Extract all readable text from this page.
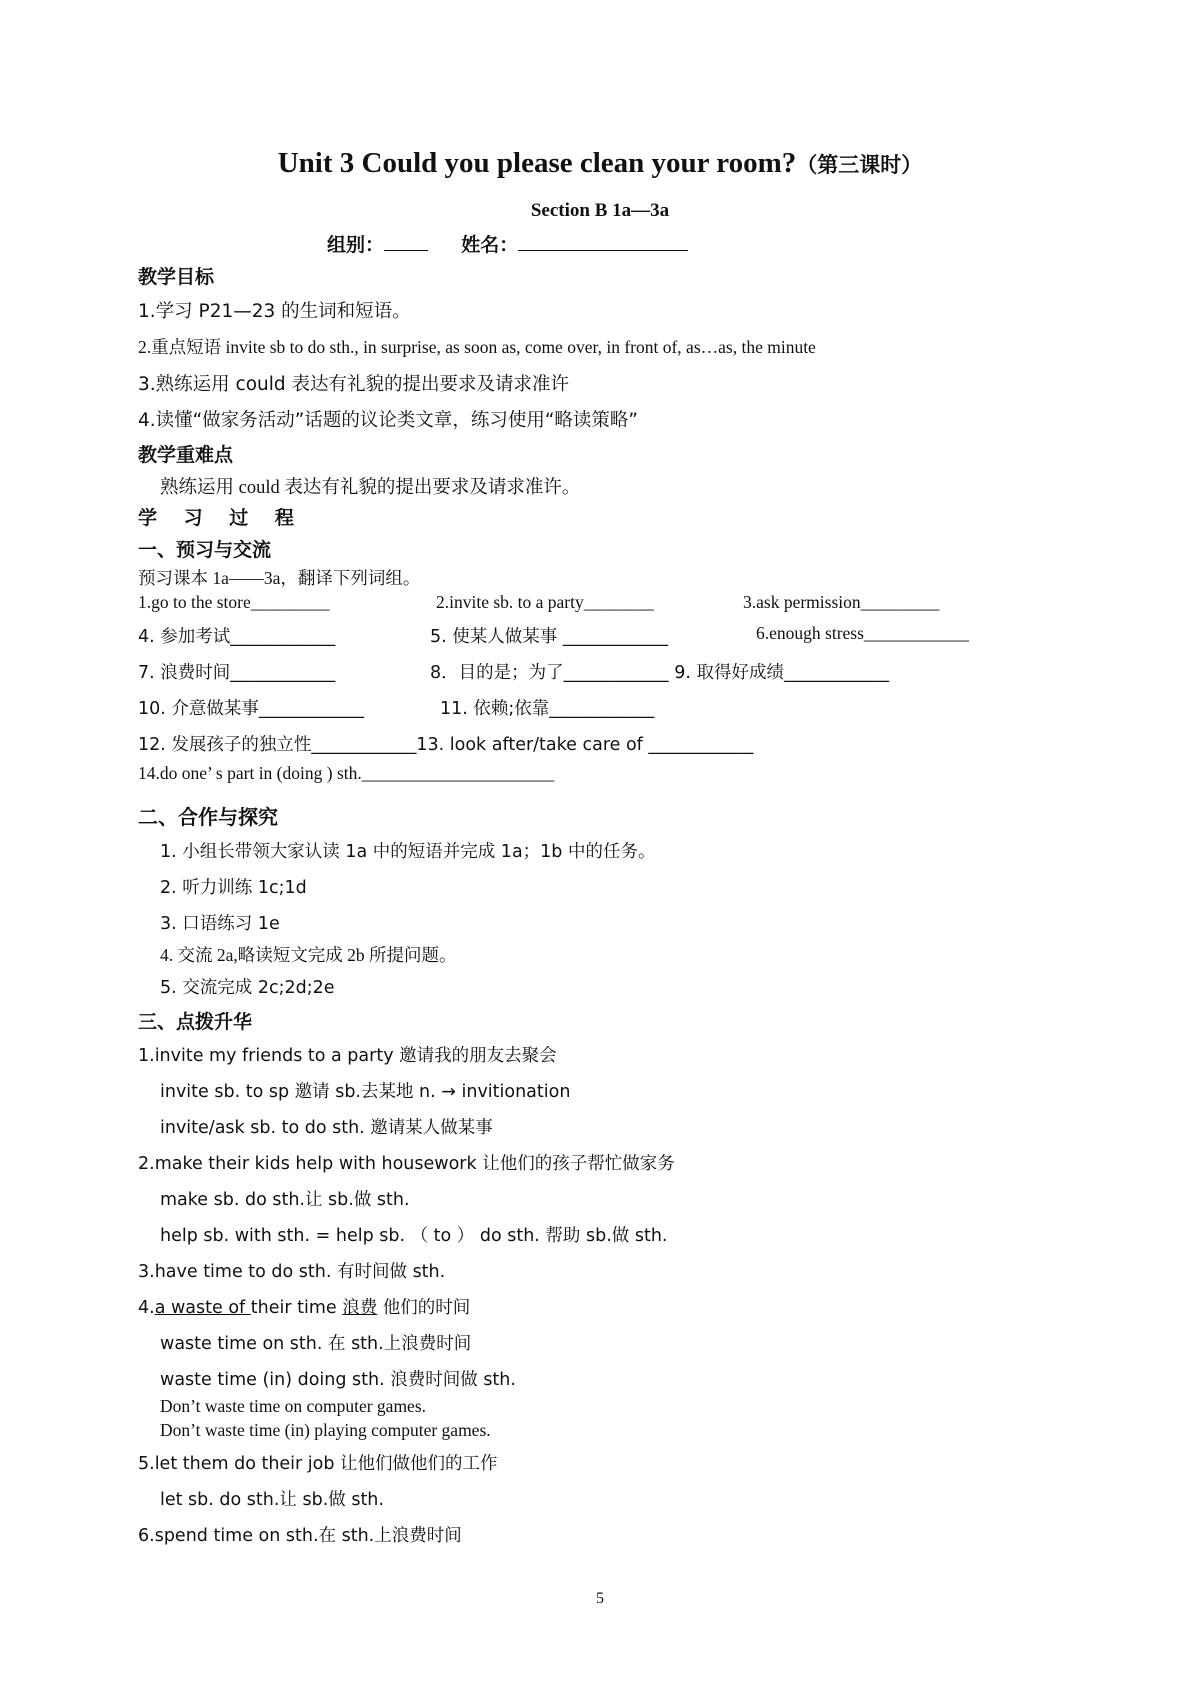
Unit 3 Could you please clean your room?（第三课时）
Section B 1a—3a
组别：	姓名：
教学目标
1.学习 P21—23 的生词和短语。
2.重点短语 invite sb to do sth., in surprise, as soon as, come over, in front of, as…as, the minute
3.熟练运用 could 表达有礼貌的提出要求及请求准许
4.读懂“做家务活动”话题的议论类文章，练习使用“略读策略”
教学重难点
熟练运用 could 表达有礼貌的提出要求及请求准许。
学 习 过 程
一、预习与交流
预习课本 1a——3a，翻译下列词组。
1.go to the store_________	2.invite sb. to a party________	3.ask permission_________
4. 参加考试____________	5. 使某人做某事 ____________	6.enough stress____________
7. 浪费时间____________	8．目的是；为了____________ 9. 取得好成绩____________
10. 介意做某事____________	11. 依赖;依靠____________
12. 发展孩子的独立性____________13. look after/take care of ____________
14.do one’ s part in (doing ) sth.______________________
二、合作与探究
1. 小组长带领大家认读 1a 中的短语并完成 1a；1b 中的任务。
2. 听力训练 1c;1d
3. 口语练习 1e
4. 交流 2a,略读短文完成 2b 所提问题。
5. 交流完成 2c;2d;2e
三、点拨升华
1.invite my friends to a party 邀请我的朋友去聚会
invite sb. to sp 邀请 sb.去某地 n. → invitionation
invite/ask sb. to do sth. 邀请某人做某事
2.make their kids help with housework 让他们的孩子帮忙做家务
make sb. do sth.让 sb.做 sth.
help sb. with sth. = help sb. （ to ） do sth. 帮助 sb.做 sth.
3.have time to do sth. 有时间做 sth.
4.a waste of their time 浪费 他们的时间
waste time on sth. 在 sth.上浪费时间
waste time (in) doing sth. 浪费时间做 sth.
Don’t waste time on computer games.
Don’t waste time (in) playing computer games.
5.let them do their job 让他们做他们的工作
let sb. do sth.让 sb.做 sth.
6.spend time on sth.在 sth.上浪费时间
5
